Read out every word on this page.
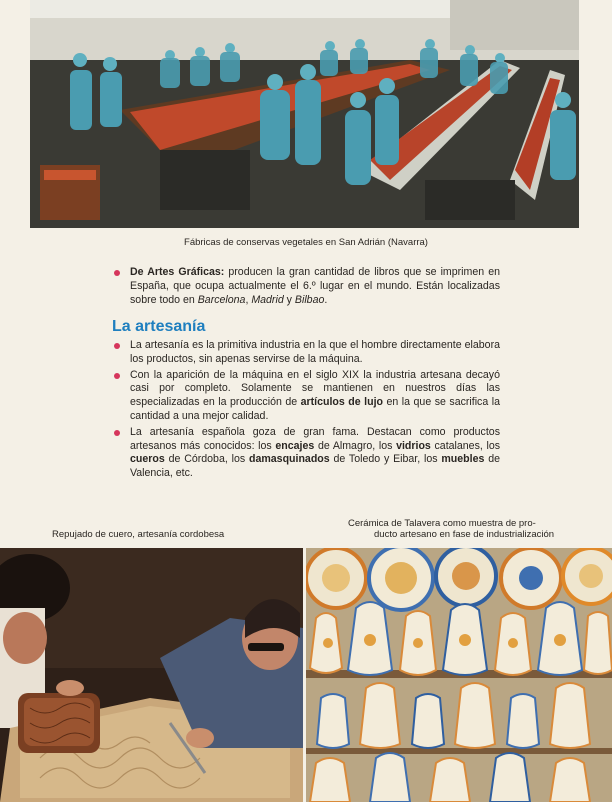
Fábricas de conservas vegetales en San Adrián (Navarra)
De Artes Gráficas: producen la gran cantidad de libros que se imprimen en España, que ocupa actualmente el 6.º lugar en el mundo. Están localizadas sobre todo en Barcelona, Madrid y Bilbao.
La artesanía
La artesanía es la primitiva industria en la que el hombre directamente elabora los productos, sin apenas servirse de la máquina.
Con la aparición de la máquina en el siglo XIX la industria artesana decayó casi por completo. Solamente se mantienen en nuestros días las especializadas en la producción de artículos de lujo en la que se sacrifica la cantidad a una mejor calidad.
La artesanía española goza de gran fama. Destacan como productos artesanos más conocidos: los encajes de Almagro, los vidrios catalanes, los cueros de Córdoba, los damasquinados de Toledo y Eibar, los muebles de Valencia, etc.
Repujado de cuero, artesanía cordobesa
Cerámica de Talavera como muestra de pro-
ducto artesano en fase de industrialización
